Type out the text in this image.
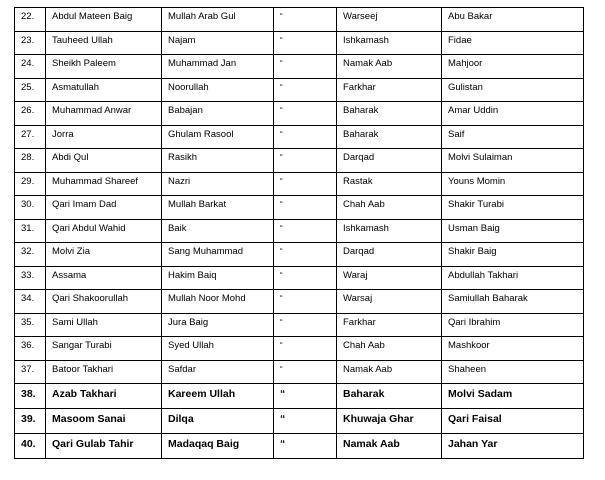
22.	Abdul Mateen Baig	Mullah Arab Gul	“	Warseej	Abu Bakar
23.	Tauheed Ullah	Najam	“	Ishkamash	Fidae
24.	Sheikh Paleem	Muhammad Jan	“	Namak Aab	Mahjoor
25.	Asmatullah	Noorullah	“	Farkhar	Gulistan
26.	Muhammad Anwar	Babajan	“	Baharak	Amar Uddin
27.	Jorra	Ghulam Rasool	“	Baharak	Saif
28.	Abdi Qul	Rasikh	“	Darqad	Molvi Sulaiman
29.	Muhammad Shareef	Nazri	“	Rastak	Youns Momin
30.	Qari Imam Dad	Mullah Barkat	“	Chah Aab	Shakir Turabi
31.	Qari Abdul Wahid	Baik	“	Ishkamash	Usman Baig
32.	Molvi Zia	Sang Muhammad	“	Darqad	Shakir Baig
33.	Assama	Hakim Baiq	“	Waraj	Abdullah Takhari
34.	Qari Shakoorullah	Mullah Noor Mohd	“	Warsaj	Samiullah Baharak
35.	Sami Ullah	Jura Baig	“	Farkhar	Qari Ibrahim
36.	Sangar Turabi	Syed Ullah	“	Chah Aab	Mashkoor
37.	Batoor Takhari	Safdar	“	Namak Aab	Shaheen
38.	Azab Takhari	Kareem Ullah	“	Baharak	Molvi Sadam
39.	Masoom Sanai	Dilqa	“	Khuwaja Ghar	Qari Faisal
40.	Qari Gulab Tahir	Madaqaq Baig	“	Namak Aab	Jahan Yar
